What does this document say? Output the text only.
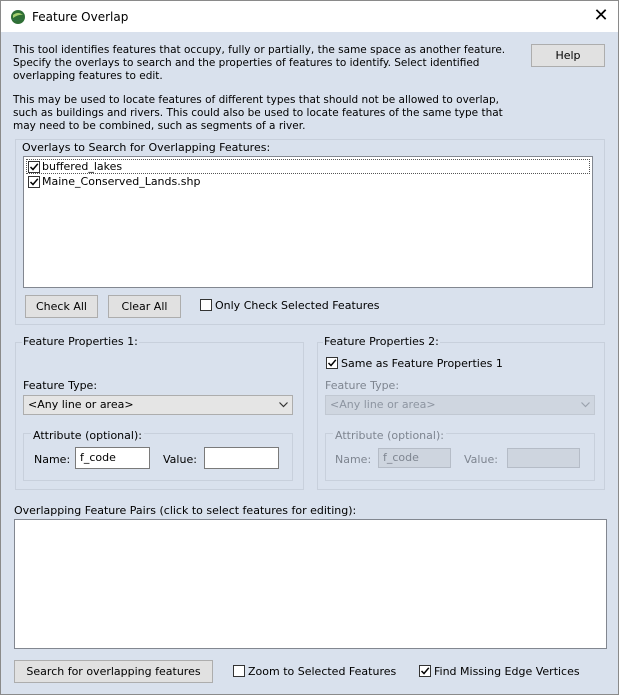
Feature Overlap	✕
This tool identifies features that occupy, fully or partially, the same space as another feature. Specify the overlays to search and the properties of features to identify. Select identified overlapping features to edit.
This may be used to locate features of different types that should not be allowed to overlap, such as buildings and rivers. This could also be used to locate features of the same type that may need to be combined, such as segments of a river.
Help
Overlays to Search for Overlapping Features:
buffered_lakes
Maine_Conserved_Lands.shp
Check All	Clear All	Only Check Selected Features
Feature Properties 1:
Feature Type:
<Any line or area>
Attribute (optional):
Name: f_code	Value:
Feature Properties 2:
Same as Feature Properties 1
Feature Type:
<Any line or area>
Attribute (optional):
Name:	f_code	Value:
Overlapping Feature Pairs (click to select features for editing):
Search for overlapping features	Zoom to Selected Features	Find Missing Edge Vertices
